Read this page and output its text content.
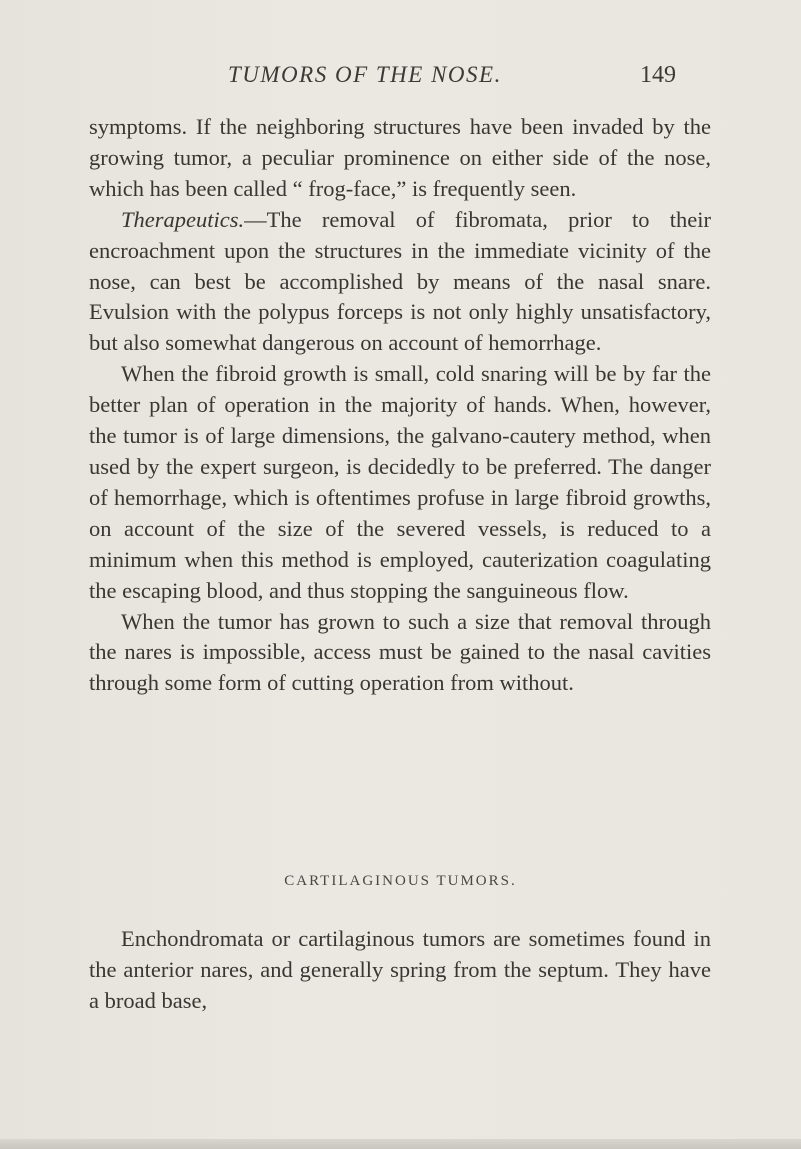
TUMORS OF THE NOSE.	149

symptoms. If the neighboring structures have been invaded by the growing tumor, a peculiar prominence on either side of the nose, which has been called “ frog-face,” is frequently seen.

Therapeutics.—The removal of fibromata, prior to their encroachment upon the structures in the immediate vicinity of the nose, can best be accomplished by means of the nasal snare. Evulsion with the polypus forceps is not only highly unsatisfactory, but also somewhat dangerous on account of hemorrhage.

When the fibroid growth is small, cold snaring will be by far the better plan of operation in the majority of hands. When, however, the tumor is of large dimensions, the galvano-cautery method, when used by the expert surgeon, is decidedly to be preferred. The danger of hemorrhage, which is oftentimes profuse in large fibroid growths, on account of the size of the severed vessels, is reduced to a minimum when this method is employed, cauterization coagulating the escaping blood, and thus stopping the sanguineous flow.

When the tumor has grown to such a size that removal through the nares is impossible, access must be gained to the nasal cavities through some form of cutting operation from without.

CARTILAGINOUS TUMORS.

Enchondromata or cartilaginous tumors are sometimes found in the anterior nares, and generally spring from the septum. They have a broad base,
